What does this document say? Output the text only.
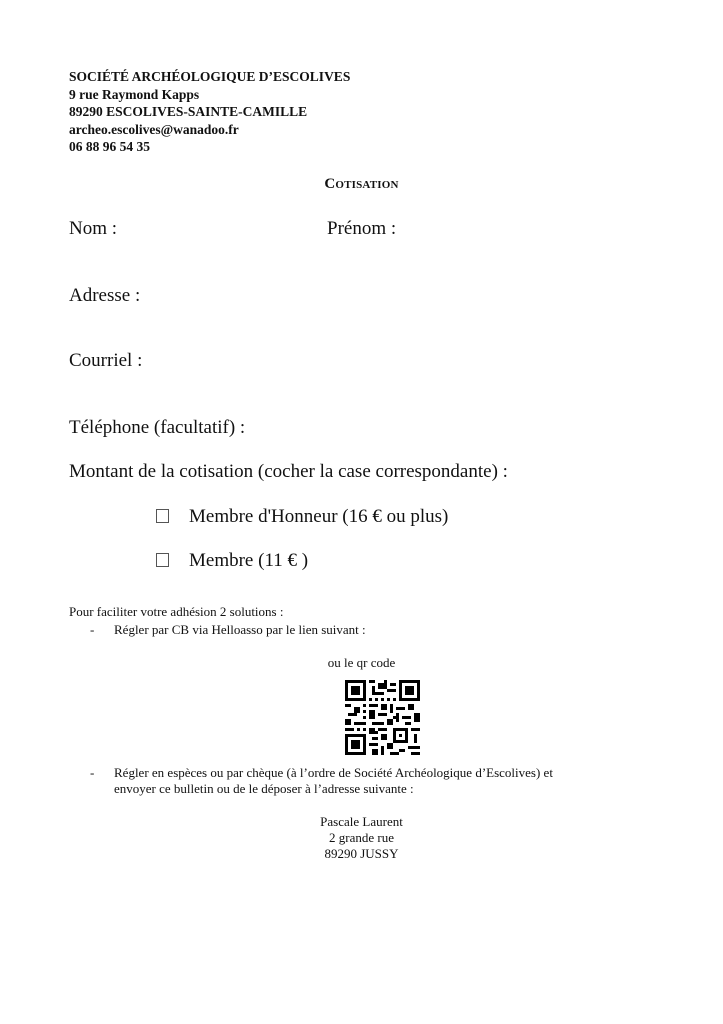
SOCIÉTÉ ARCHÉOLOGIQUE D’ESCOLIVES
9 rue Raymond Kapps
89290 ESCOLIVES-SAINTE-CAMILLE
archeo.escolives@wanadoo.fr
06 88 96 54 35
Cotisation
Nom :	Prénom :
Adresse :
Courriel :
Téléphone (facultatif) :
Montant de la cotisation (cocher la case correspondante) :
Membre d'Honneur (16 € ou plus)
Membre (11 € )
Pour faciliter votre adhésion 2 solutions :
- Régler par CB via Helloasso par le lien suivant :
ou le qr code
- Régler en espèces ou par chèque (à l’ordre de Société Archéologique d’Escolives) et
envoyer ce bulletin ou de le déposer à l’adresse suivante :
Pascale Laurent
2 grande rue
89290 JUSSY
